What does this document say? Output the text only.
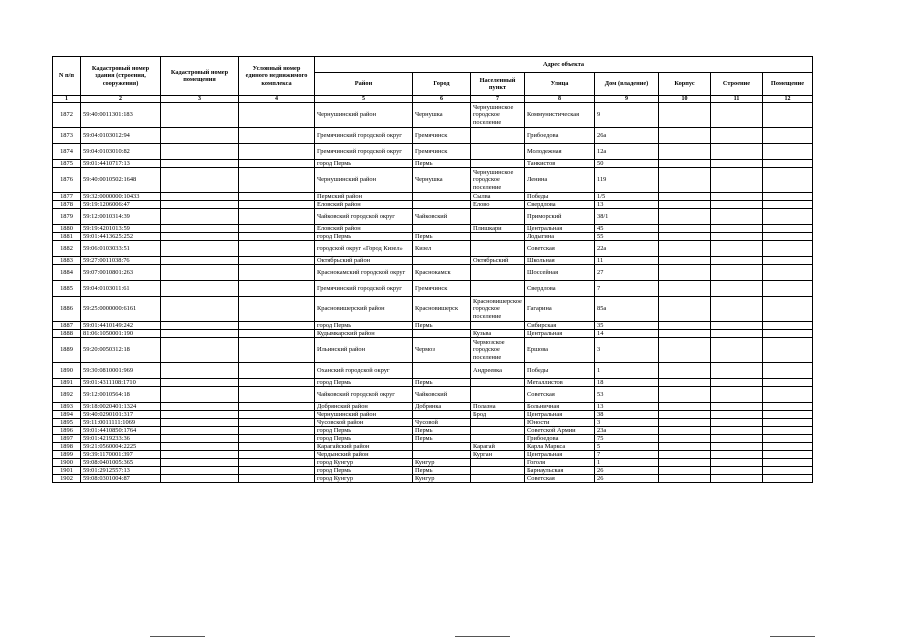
N п/п	Кадастровый номер здания (строения, сооружения)	Кадастровый номер помещения	Условный номер единого недвижимого комплекса	Адрес объекта							
				Район	Город	Населенный пункт	Улица	Дом (владение)	Корпус	Строение	Помещение
1	2	3	4	5	6	7	8	9	10	11	12
1872	59:40:0011301:183			Чернушинский район	Чернушка	Чернушинское городское поселение	Коммунистическая	9			
1873	59:04:0103012:94			Гремячинский городской округ	Гремячинск		Грибоедова	26а			
1874	59:04:0103010:82			Гремячинский городской округ	Гремячинск		Молодежная	12а			
1875	59:01:4410717:13			город Пермь	Пермь		Танкистов	50			
1876	59:40:0010502:1648			Чернушинский район	Чернушка	Чернушинское городское поселение	Ленина	119			
1877	59:32:0000000:10433			Пермский район		Сылва	Победы	1/5			
1878	59:19:1206006:47			Еловский район		Елово	Свердлова	13			
1879	59:12:0010314:39			Чайковский городской округ	Чайковский		Приморский	38/1			
1880	59:19:4201013:59			Еловский район		Плишкари	Центральная	45			
1881	59:01:4413625:252			город Пермь	Пермь		Лодыгина	55			
1882	59:06:0103033:51			городской округ «Город Кизел»	Кизел		Советская	22а			
1883	59:27:0011038:76			Октябрьский район		Октябрьский	Школьная	11			
1884	59:07:0010801:263			Краснокамский городской округ	Краснокамск		Шоссейная	27			
1885	59:04:0103011:61			Гремячинский городской округ	Гремячинск		Свердлова	7			
1886	59:25:0000000:6161			Красновишерский район	Красновишерск	Красновишерское городское поселение	Гагарина	85а			
1887	59:01:4410149:242			город Пермь	Пермь		Сибирская	35			
1888	81:06:1050001:190			Кудымкарский район		Кузьва	Центральная	14			
1889	59:20:0050312:18			Ильинский район	Чермоз	Чермозское городское поселение	Ершова	3			
1890	59:30:0810001:969			Оханский городской округ		Андреевка	Победы	1			
1891	59:01:4311108:1710			город Пермь	Пермь		Металлистов	18			
1892	59:12:0010564:18			Чайковский городской округ	Чайковский		Советская	53			
1893	59:18:0020401:1324			Добрянский район	Добрянка	Полазна	Больничная	13			
1894	59:40:0290101:317			Чернушинский район		Брод	Центральная	38			
1895	59:11:0011111:1069			Чусовской район	Чусовой		Юности	3			
1896	59:01:4410850:1764			город Пермь	Пермь		Советской Армии	23а			
1897	59:01:4219233:36			город Пермь	Пермь		Грибоедова	75			
1898	59:21:0560004:2225			Карагайский район		Карагай	Карла Маркса	5			
1899	59:39:1170001:397			Чердынский район		Курган	Центральная	7			
1900	59:08:0401005:365			город Кунгур	Кунгур		Гоголя	1			
1901	59:01:2912557:13			город Пермь	Пермь		Барнаульская	26			
1902	59:08:0301004:87			город Кунгур	Кунгур		Советская	26			
